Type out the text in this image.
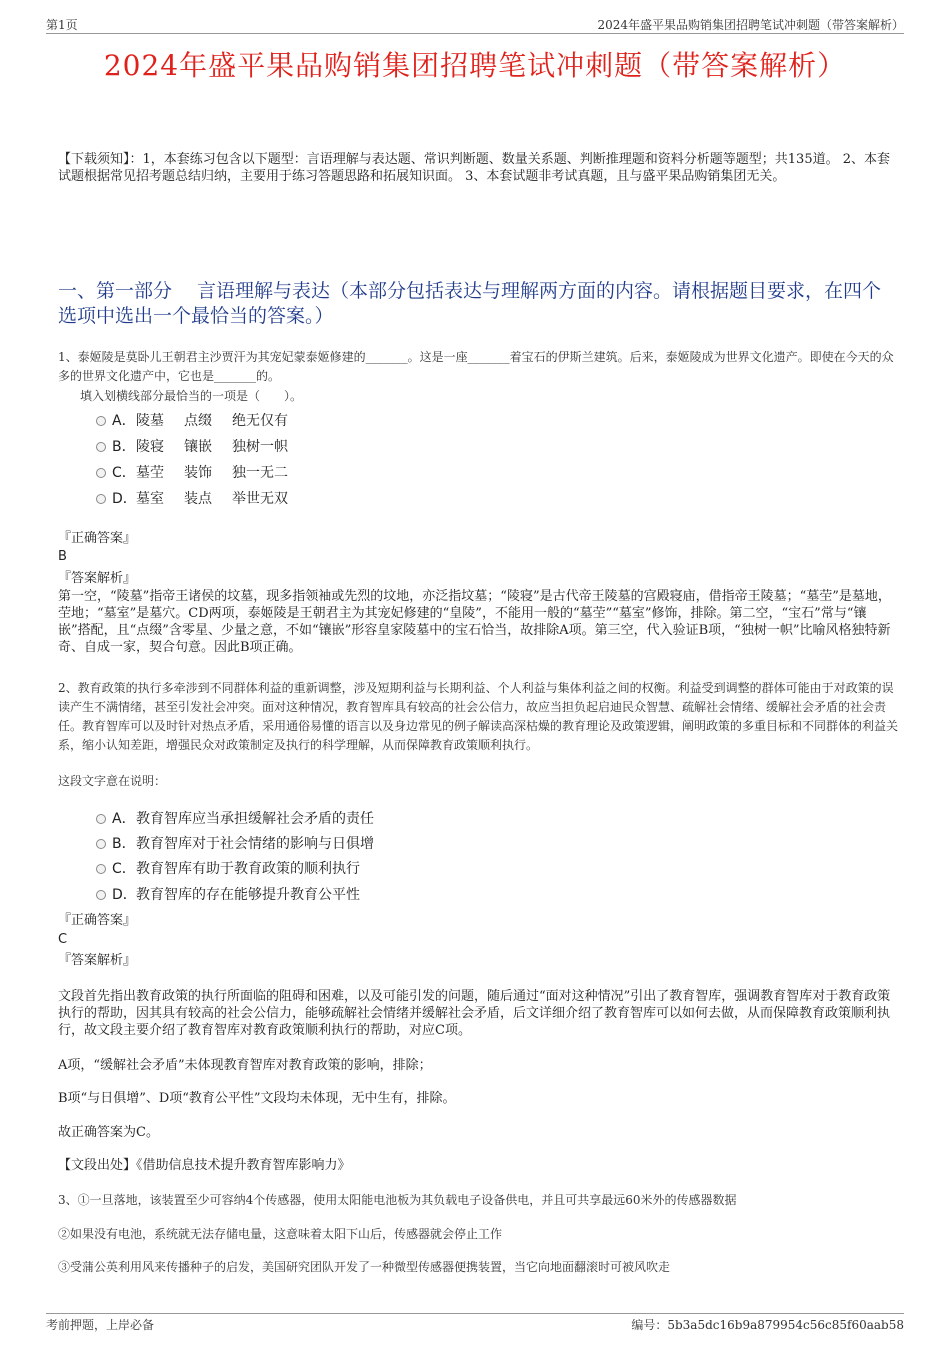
第1页	2024年盛平果品购销集团招聘笔试冲刺题（带答案解析）
2024年盛平果品购销集团招聘笔试冲刺题（带答案解析）
【下载须知】：1，本套练习包含以下题型：言语理解与表达题、常识判断题、数量关系题、判断推理题和资料分析题等题型；共135道。 2、本套试题根据常见招考题总结归纳，主要用于练习答题思路和拓展知识面。 3、本套试题非考试真题，且与盛平果品购销集团无关。
一、第一部分　 言语理解与表达（本部分包括表达与理解两方面的内容。请根据题目要求，在四个选项中选出一个最恰当的答案。）
1、泰姬陵是莫卧儿王朝君主沙贾汗为其宠妃蒙泰姬修建的_______。这是一座_______着宝石的伊斯兰建筑。后来，泰姬陵成为世界文化遗产。即使在今天的众多的世界文化遗产中，它也是_______的。
填入划横线部分最恰当的一项是（　　）。
A．陵墓 点缀 绝无仅有
B．陵寝 镶嵌 独树一帜
C．墓茔 装饰 独一无二
D．墓室 装点 举世无双
『正确答案』
B
『答案解析』
第一空，“陵墓”指帝王诸侯的坟墓，现多指领袖或先烈的坟地，亦泛指坟墓；“陵寝”是古代帝王陵墓的宫殿寝庙，借指帝王陵墓；“墓茔”是墓地，茔地；“墓室”是墓穴。CD两项，泰姬陵是王朝君主为其宠妃修建的“皇陵”，不能用一般的“墓茔”“墓室”修饰，排除。第二空，“宝石”常与“镶嵌”搭配，且“点缀”含零星、少量之意，不如“镶嵌”形容皇家陵墓中的宝石恰当，故排除A项。第三空，代入验证B项，“独树一帜”比喻风格独特新奇、自成一家，契合句意。因此B项正确。
2、教育政策的执行多牵涉到不同群体利益的重新调整，涉及短期利益与长期利益、个人利益与集体利益之间的权衡。利益受到调整的群体可能由于对政策的误读产生不满情绪，甚至引发社会冲突。面对这种情况，教育智库具有较高的社会公信力，故应当担负起启迪民众智慧、疏解社会情绪、缓解社会矛盾的社会责任。教育智库可以及时针对热点矛盾，采用通俗易懂的语言以及身边常见的例子解读高深枯燥的教育理论及政策逻辑，阐明政策的多重目标和不同群体的利益关系，缩小认知差距，增强民众对政策制定及执行的科学理解，从而保障教育政策顺利执行。
这段文字意在说明：
A．教育智库应当承担缓解社会矛盾的责任
B．教育智库对于社会情绪的影响与日俱增
C．教育智库有助于教育政策的顺利执行
D．教育智库的存在能够提升教育公平性
『正确答案』
C
『答案解析』
文段首先指出教育政策的执行所面临的阻碍和困难，以及可能引发的问题，随后通过“面对这种情况”引出了教育智库，强调教育智库对于教育政策执行的帮助，因其具有较高的社会公信力，能够疏解社会情绪并缓解社会矛盾，后文详细介绍了教育智库可以如何去做，从而保障教育政策顺利执行，故文段主要介绍了教育智库对教育政策顺利执行的帮助，对应C项。
A项，“缓解社会矛盾”未体现教育智库对教育政策的影响，排除；
B项“与日俱增”、D项“教育公平性”文段均未体现，无中生有，排除。
故正确答案为C。
【文段出处】《借助信息技术提升教育智库影响力》
3、①一旦落地，该装置至少可容纳4个传感器，使用太阳能电池板为其负载电子设备供电，并且可共享最远60米外的传感器数据
②如果没有电池，系统就无法存储电量，这意味着太阳下山后，传感器就会停止工作
③受蒲公英利用风来传播种子的启发，美国研究团队开发了一种微型传感器便携装置，当它向地面翻滚时可被风吹走
考前押题，上岸必备	编号：5b3a5dc16b9a879954c56c85f60aab58
